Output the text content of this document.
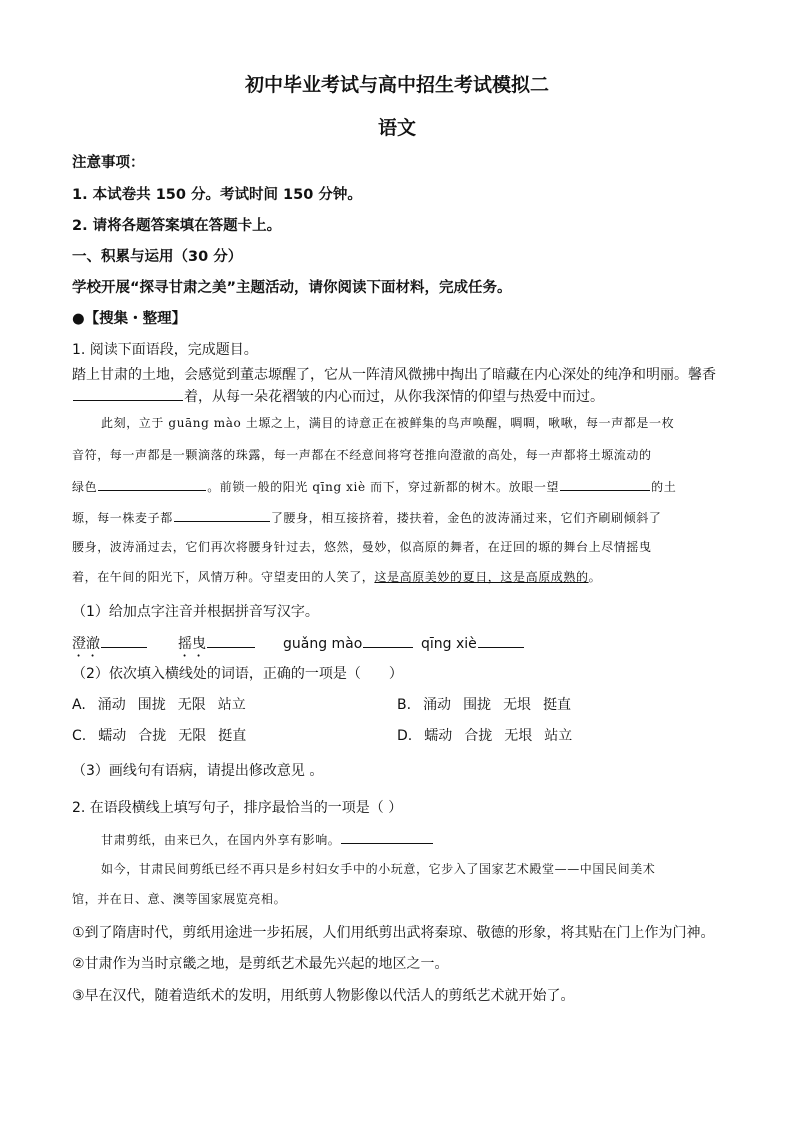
初中毕业考试与高中招生考试模拟二
语文
注意事项：
1. 本试卷共 150 分。考试时间 150 分钟。
2. 请将各题答案填在答题卡上。
一、积累与运用（30 分）
学校开展“探寻甘肃之美”主题活动，请你阅读下面材料，完成任务。
●【搜集・整理】
1. 阅读下面语段，完成题目。
踏上甘肃的土地，会感觉到董志塬醒了，它从一阵清风微拂中掏出了暗藏在内心深处的纯净和明丽。馨香
着，从每一朵花褶皱的内心而过，从你我深情的仰望与热爱中而过。
此刻，立于 guāng mào 土塬之上，满目的诗意正在被鲜集的鸟声唤醒，啁啁，啾啾，每一声都是一枚
音符，每一声都是一颗滴落的珠露，每一声都在不经意间将穹苍推向澄澈的高处，每一声都将土塬流动的
绿色	。前锁一般的阳光 qīng xiè 而下，穿过新都的树木。放眼一望	的土
塬，每一株麦子都	了腰身，相互接挤着，搂扶着，金色的波涛涌过来，它们齐刷刷倾斜了
腰身，波涛涌过去，它们再次将腰身针过去，悠然，曼妙，似高原的舞者，在迂回的塬的舞台上尽情摇曳
着，在午间的阳光下，风情万种。守望麦田的人笑了，这是高原美妙的夏日，这是高原成熟的。
（1）给加点字注音并根据拼音写汉字。
澄澈	摇曳	guǎng mào	qīng xiè
（2）依次填入横线处的词语，正确的一项是（　　）
A. 涌动 围拢 无限 站立	B. 涌动 围拢 无垠 挺直
C. 蠕动 合拢 无限 挺直	D. 蠕动 合拢 无垠 站立
（3）画线句有语病，请提出修改意见 。
2. 在语段横线上填写句子，排序最恰当的一项是（ ）
甘肃剪纸，由来已久，在国内外享有影响。
如今，甘肃民间剪纸已经不再只是乡村妇女手中的小玩意，它步入了国家艺术殿堂——中国民间美术
馆，并在日、意、澳等国家展览亮相。
①到了隋唐时代，剪纸用途进一步拓展，人们用纸剪出武将秦琼、敬德的形象，将其贴在门上作为门神。
②甘肃作为当时京畿之地，是剪纸艺术最先兴起的地区之一。
③早在汉代，随着造纸术的发明，用纸剪人物影像以代活人的剪纸艺术就开始了。
